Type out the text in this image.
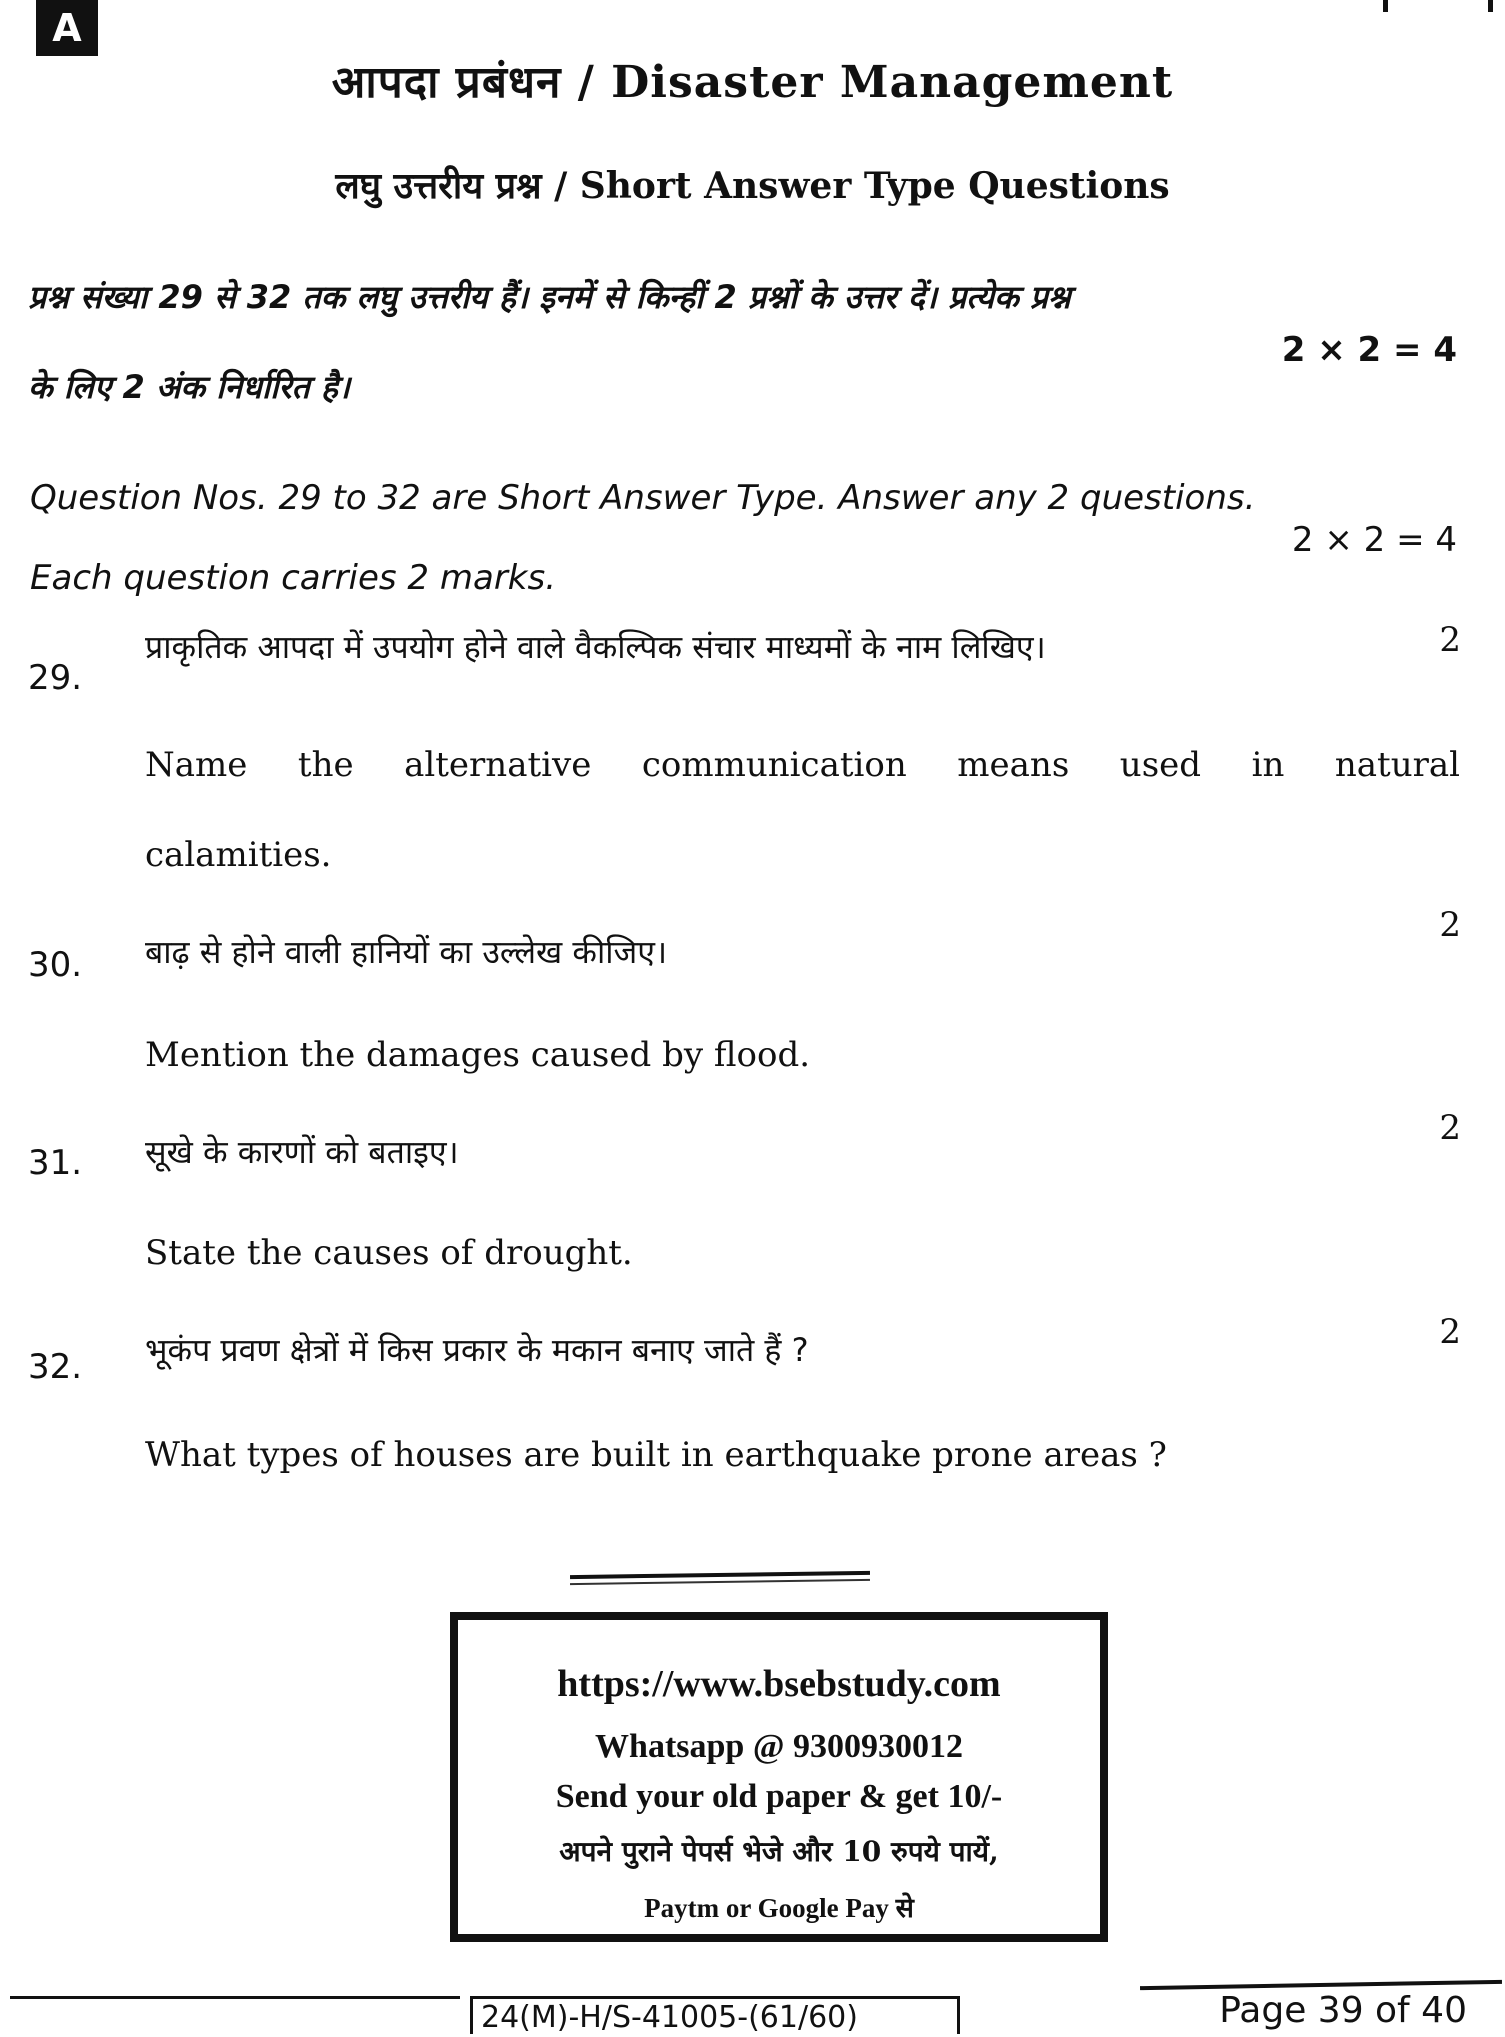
A
आपदा प्रबंधन / Disaster Management
लघु उत्तरीय प्रश्न / Short Answer Type Questions
प्रश्न संख्या 29 से 32 तक लघु उत्तरीय हैं। इनमें से किन्हीं 2 प्रश्नों के उत्तर दें। प्रत्येक प्रश्न
के लिए 2 अंक निर्धारित है।
2 × 2 = 4
Question Nos. 29 to 32 are Short Answer Type. Answer any 2 questions.
Each question carries 2 marks.
2 × 2 = 4
29.
प्राकृतिक आपदा में उपयोग होने वाले वैकल्पिक संचार माध्यमों के नाम लिखिए।	2
Name the alternative communication means used in natural
calamities.
30. बाढ़ से होने वाली हानियों का उल्लेख कीजिए।
2
Mention the damages caused by flood.
31. सूखे के कारणों को बताइए।
2
State the causes of drought.
32. भूकंप प्रवण क्षेत्रों में किस प्रकार के मकान बनाए जाते हैं ?	2
What types of houses are built in earthquake prone areas ?
https://www.bsebstudy.com
Whatsapp @ 9300930012
Send your old paper & get 10/-
अपने पुराने पेपर्स भेजे और 10 रुपये पायें,
Paytm or Google Pay से
24(M)-H/S-41005-(61/60)	Page 39 of 40
